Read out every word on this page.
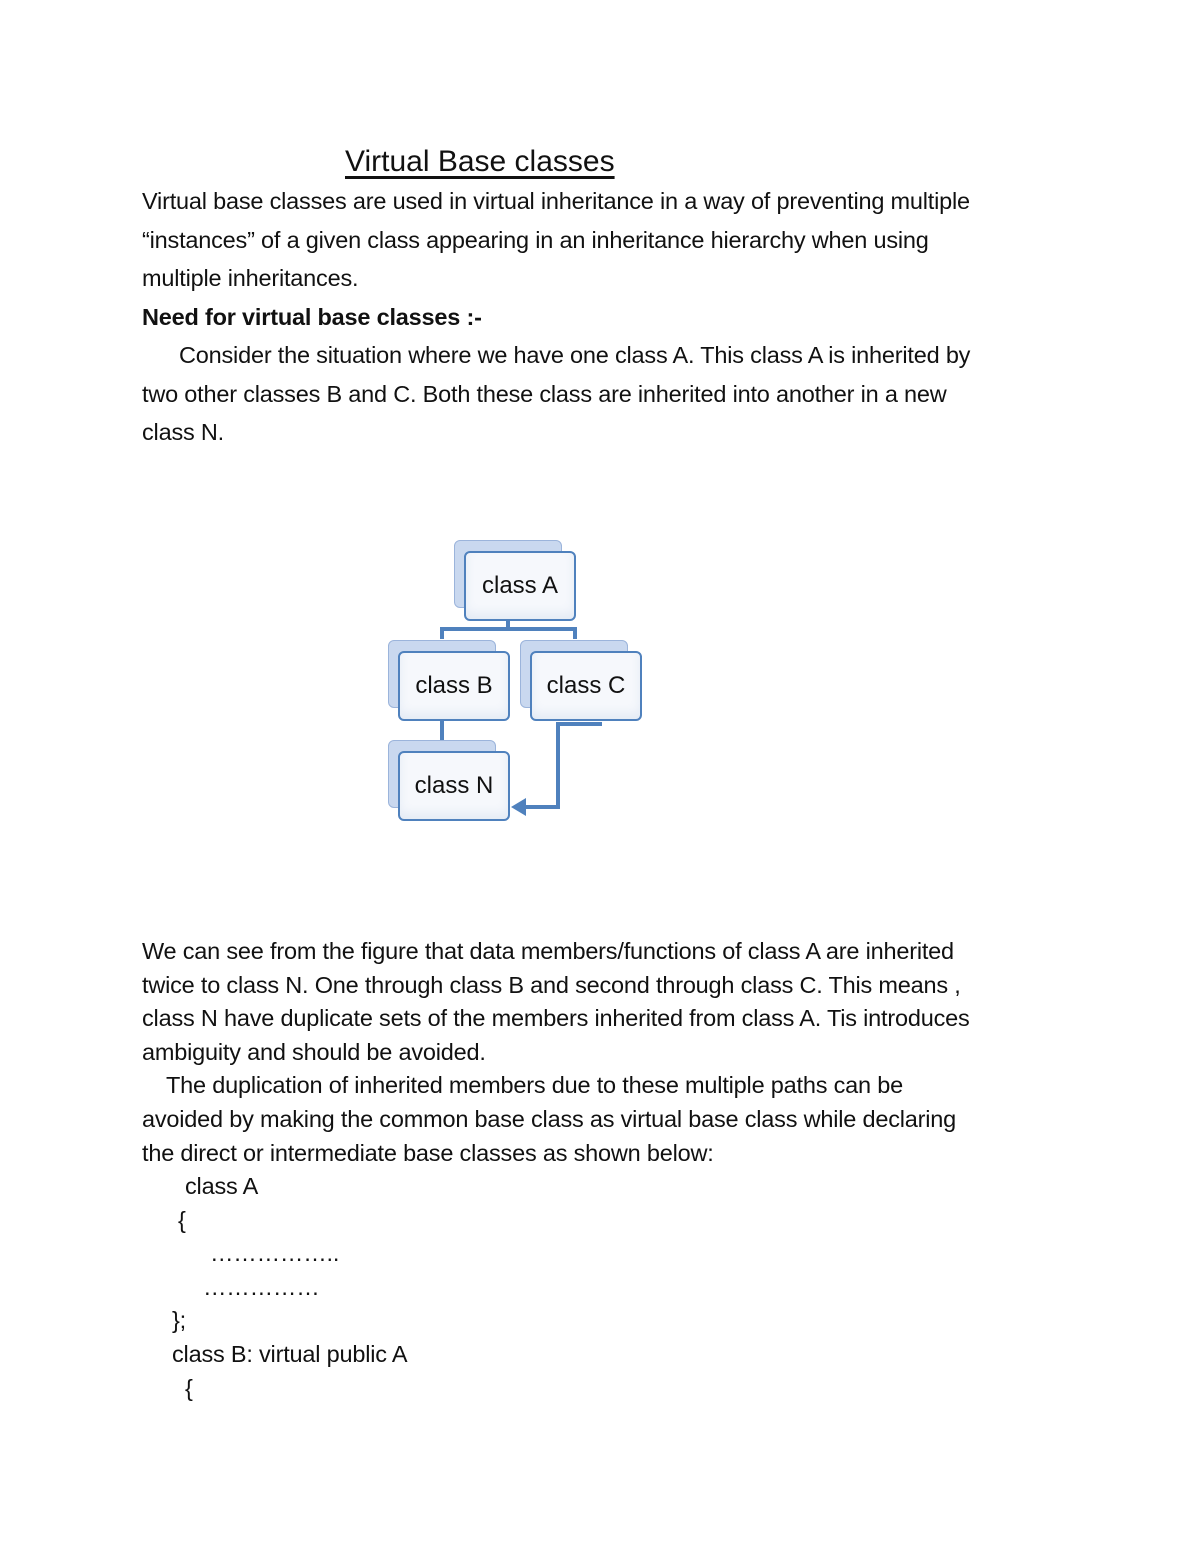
Virtual Base classes
Virtual base classes are used in virtual inheritance in a way of preventing multiple
“instances” of a given class appearing in an inheritance hierarchy when using
multiple inheritances.
Need for virtual base classes :-
Consider the situation where we have one class A. This class A is inherited by
two other classes B and C. Both these class are inherited into another in a new
class N.
class A
class B class C
class N
We can see from the figure that data members/functions of class A are inherited
twice to class N. One through class B and second through class C. This means ,
class N have duplicate sets of the members inherited from class A. Tis introduces
ambiguity and should be avoided.
The duplication of inherited members due to these multiple paths can be
avoided by making the common base class as virtual base class while declaring
the direct or intermediate base classes as shown below:
class A
{
……………..
……………
};
class B: virtual public A
{
